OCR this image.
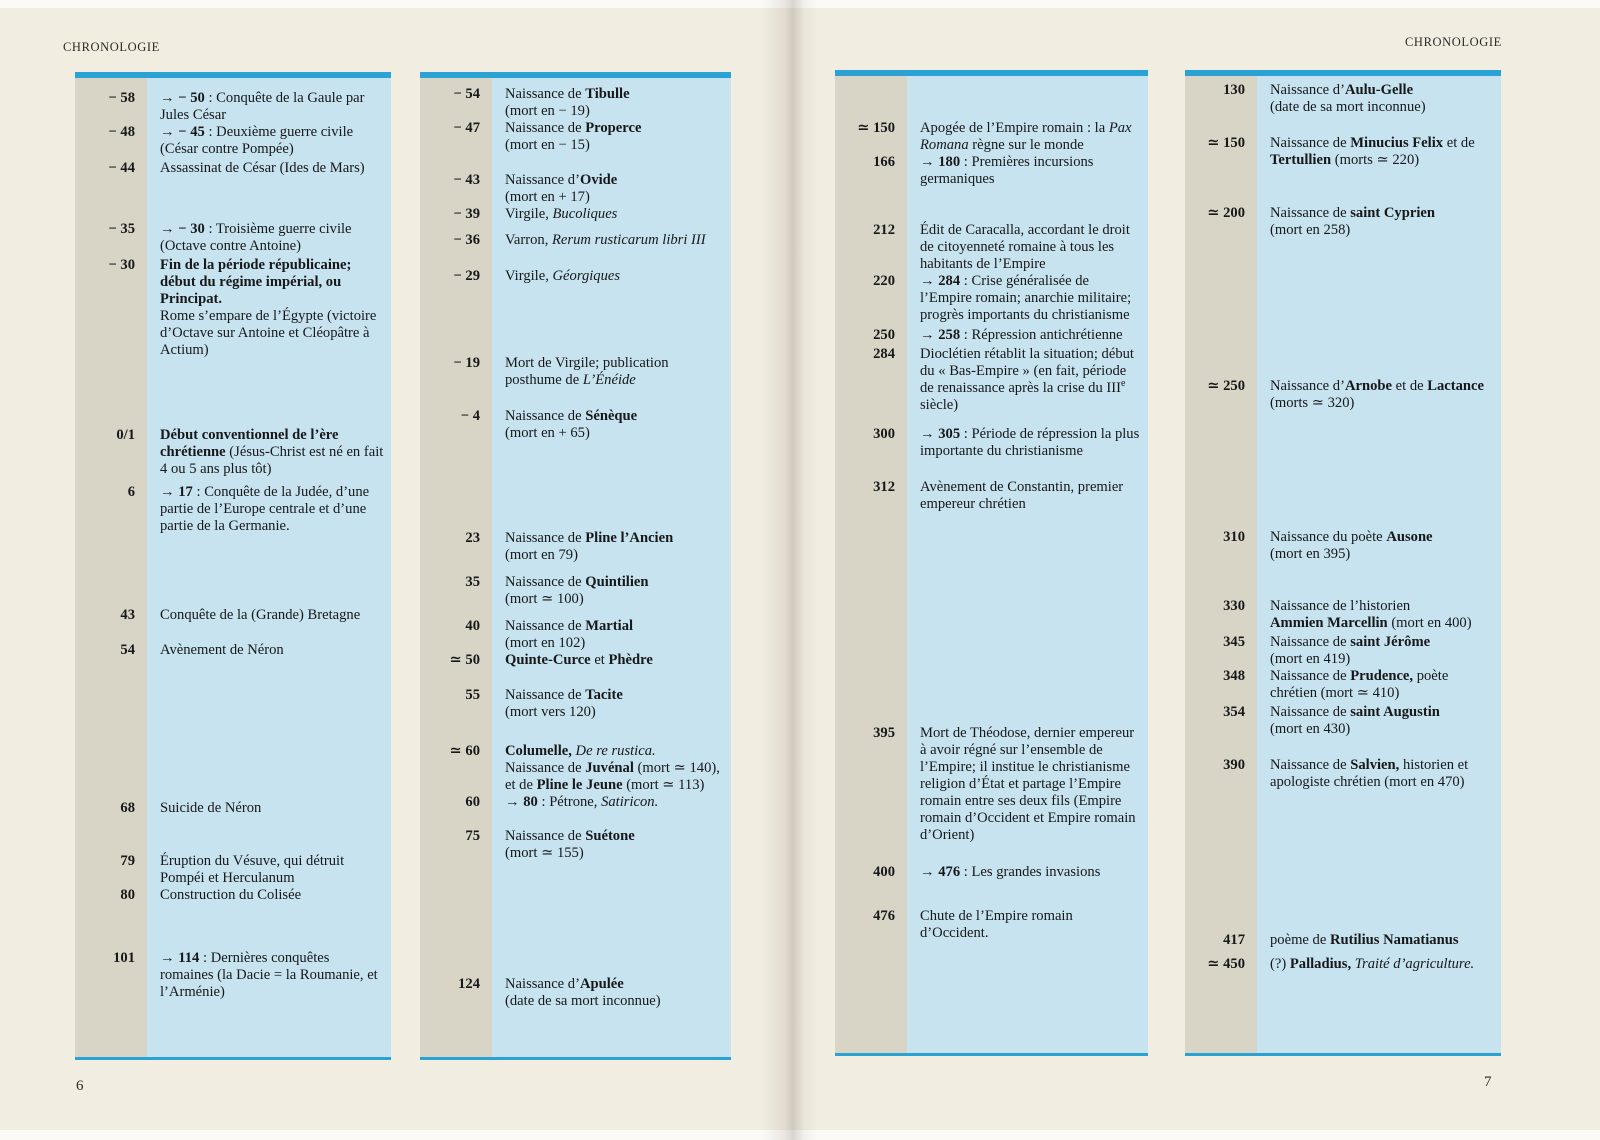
CHRONOLOGIE	CHRONOLOGIE
− 58	→ − 50 : Conquête de la Gaule par Jules César
− 48	→ − 45 : Deuxième guerre civile (César contre Pompée)
− 44	Assassinat de César (Ides de Mars)
− 35	→ − 30 : Troisième guerre civile (Octave contre Antoine)
− 30	Fin de la période républicaine; début du régime impérial, ou Principat.
Rome s’empare de l’Égypte (victoire d’Octave sur Antoine et Cléopâtre à Actium)
0/1	Début conventionnel de l’ère chrétienne (Jésus-Christ est né en fait 4 ou 5 ans plus tôt)
6	→ 17 : Conquête de la Judée, d’une partie de l’Europe centrale et d’une partie de la Germanie.
43	Conquête de la (Grande) Bretagne
54	Avènement de Néron
68	Suicide de Néron
79	Éruption du Vésuve, qui détruit Pompéi et Herculanum
80	Construction du Colisée
101	→ 114 : Dernières conquêtes romaines (la Dacie = la Roumanie, et l’Arménie)
− 54	Naissance de Tibulle
(mort en − 19)
− 47	Naissance de Properce
(mort en − 15)
− 43	Naissance d’Ovide
(mort en + 17)
− 39	Virgile, Bucoliques
− 36	Varron, Rerum rusticarum libri III
− 29	Virgile, Géorgiques
− 19	Mort de Virgile; publication posthume de L’Énéide
− 4	Naissance de Sénèque
(mort en + 65)
23	Naissance de Pline l’Ancien
(mort en 79)
35	Naissance de Quintilien
(mort ≃ 100)
40	Naissance de Martial
(mort en 102)
≃ 50	Quinte-Curce et Phèdre
55	Naissance de Tacite
(mort vers 120)
≃ 60	Columelle, De re rustica.
Naissance de Juvénal (mort ≃ 140), et de Pline le Jeune (mort ≃ 113)
60	→ 80 : Pétrone, Satiricon.
75	Naissance de Suétone
(mort ≃ 155)
124	Naissance d’Apulée
(date de sa mort inconnue)
≃ 150	Apogée de l’Empire romain : la Pax Romana règne sur le monde
166	→ 180 : Premières incursions germaniques
212	Édit de Caracalla, accordant le droit de citoyenneté romaine à tous les habitants de l’Empire
220	→ 284 : Crise généralisée de l’Empire romain; anarchie militaire; progrès importants du christianisme
250	→ 258 : Répression antichrétienne
284	Dioclétien rétablit la situation; début du « Bas-Empire » (en fait, période de renaissance après la crise du IIIe siècle)
300	→ 305 : Période de répression la plus importante du christianisme
312	Avènement de Constantin, premier empereur chrétien
395	Mort de Théodose, dernier empereur à avoir régné sur l’ensemble de l’Empire; il institue le christianisme religion d’État et partage l’Empire romain entre ses deux fils (Empire romain d’Occident et Empire romain d’Orient)
400	→ 476 : Les grandes invasions
476	Chute de l’Empire romain d’Occident.
130	Naissance d’Aulu-Gelle
(date de sa mort inconnue)
≃ 150	Naissance de Minucius Felix et de Tertullien (morts ≃ 220)
≃ 200	Naissance de saint Cyprien
(mort en 258)
≃ 250	Naissance d’Arnobe et de Lactance (morts ≃ 320)
310	Naissance du poète Ausone
(mort en 395)
330	Naissance de l’historien
Ammien Marcellin (mort en 400)
345	Naissance de saint Jérôme
(mort en 419)
348	Naissance de Prudence, poète chrétien (mort ≃ 410)
354	Naissance de saint Augustin
(mort en 430)
390	Naissance de Salvien, historien et apologiste chrétien (mort en 470)
417	poème de Rutilius Namatianus
≃ 450	(?) Palladius, Traité d’agriculture.
6	7
